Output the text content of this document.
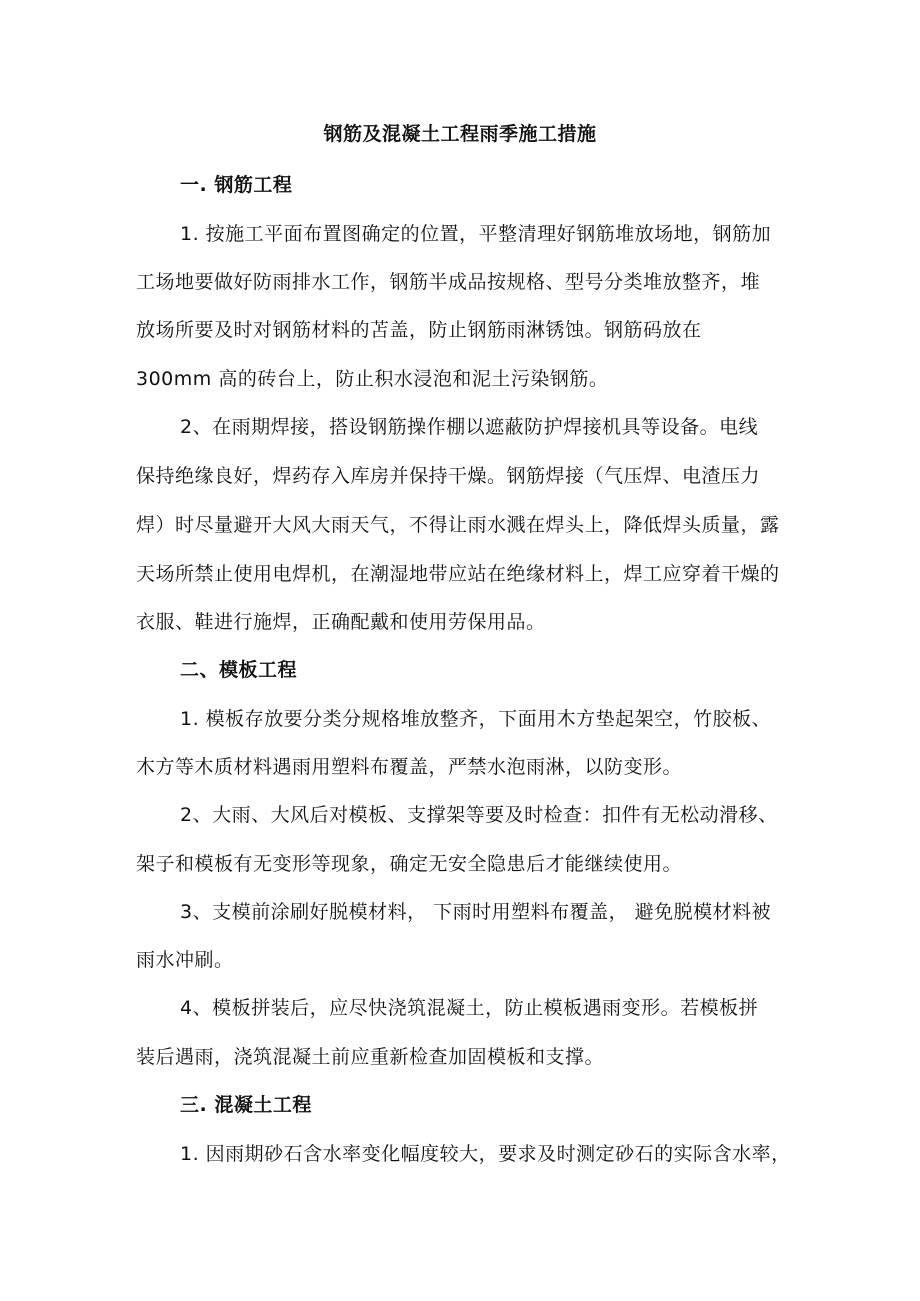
钢筋及混凝土工程雨季施工措施
一. 钢筋工程
1. 按施工平面布置图确定的位置，平整清理好钢筋堆放场地，钢筋加
工场地要做好防雨排水工作，钢筋半成品按规格、型号分类堆放整齐，堆
放场所要及时对钢筋材料的苫盖，防止钢筋雨淋锈蚀。钢筋码放在
300mm 高的砖台上，防止积水浸泡和泥土污染钢筋。
2、在雨期焊接，搭设钢筋操作棚以遮蔽防护焊接机具等设备。电线
保持绝缘良好，焊药存入库房并保持干燥。钢筋焊接（气压焊、电渣压力
焊）时尽量避开大风大雨天气，不得让雨水溅在焊头上，降低焊头质量，露
天场所禁止使用电焊机，在潮湿地带应站在绝缘材料上，焊工应穿着干燥的
衣服、鞋进行施焊，正确配戴和使用劳保用品。
二、模板工程
1. 模板存放要分类分规格堆放整齐，下面用木方垫起架空，竹胶板、
木方等木质材料遇雨用塑料布覆盖，严禁水泡雨淋，以防变形。
2、大雨、大风后对模板、支撑架等要及时检查：扣件有无松动滑移、
架子和模板有无变形等现象，确定无安全隐患后才能继续使用。
3、支模前涂刷好脱模材料， 下雨时用塑料布覆盖， 避免脱模材料被
雨水冲刷。
4、模板拼装后，应尽快浇筑混凝土，防止模板遇雨变形。若模板拼
装后遇雨，浇筑混凝土前应重新检查加固模板和支撑。
三. 混凝土工程
1. 因雨期砂石含水率变化幅度较大，要求及时测定砂石的实际含水率，
